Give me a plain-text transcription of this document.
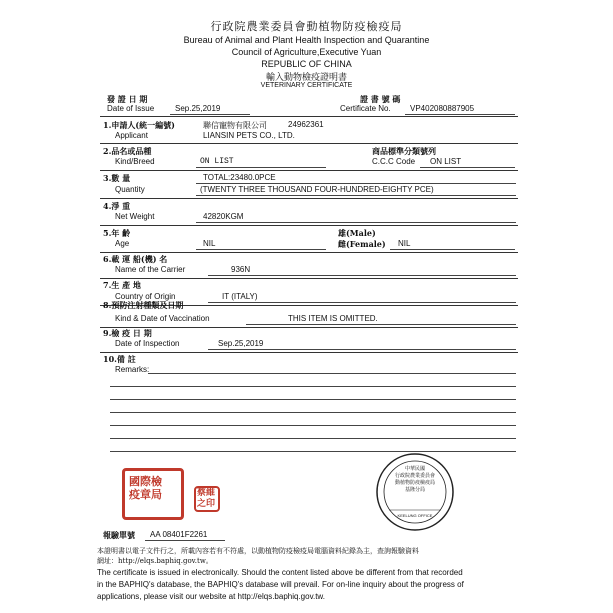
行政院農業委員會動植物防疫檢疫局
Bureau of Animal and Plant Health Inspection and Quarantine
Council of Agriculture,Executive Yuan
REPUBLIC OF CHINA
輸入動物檢疫證明書
VETERINARY CERTIFICATE
發 證 日 期
Date of Issue	Sep.25,2019
證 書 號 碼
Certificate No. VP402080887905
1.申請人(統一編號)
Applicant
聯信寵物有限公司	24962361
LIANSIN PETS CO., LTD.
2.品名或品種
Kind/Breed	ON LIST
商品標準分類號列
C.C.C Code ON LIST
3.數 量
Quantity
TOTAL:23480.0PCE
(TWENTY THREE THOUSAND FOUR-HUNDRED-EIGHTY PCE)
4.淨 重
Net Weight	42820KGM
5.年 齡
Age	NIL
雄(Male)
雌(Female) NIL
6.載 運 船(機) 名
Name of the Carrier	936N
7.生 產 地
Country of Origin	IT (ITALY)
8.預防注射種類及日期
Kind & Date of Vaccination	THIS ITEM IS OMITTED.
9.檢 疫 日 期
Date of Inspection	Sep.25,2019
10.備 註
Remarks:
國際檢
疫章局	蔡維
之印
中華民國
行政院農業委員會
動植物防疫檢疫局
基隆分局
KEELUNG OFFICE
報驗單號 AA 08401F2261
本證明書以電子文件行之，所載內容若有不符處，以動植物防疫檢疫局電腦資料紀錄為主，查詢報驗資料
網址：http://elqs.baphiq.gov.tw。
The certificate is issued in electronically. Should the content listed above be different from that recorded
in the BAPHIQ's database, the BAPHIQ's database will prevail. For on-line inquiry about the progress of
applications, please visit our website at http://elqs.baphiq.gov.tw.
